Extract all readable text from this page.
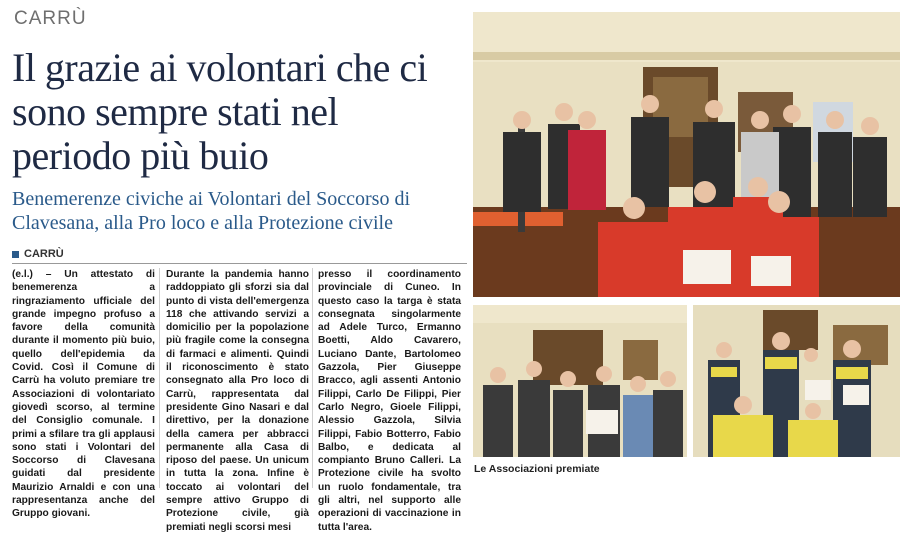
CARRÙ
Il grazie ai volontari che ci sono sempre stati nel periodo più buio
Benemerenze civiche ai Volontari del Soccorso di Clavesana, alla Pro loco e alla Protezione civile
CARRÙ

(e.l.) – Un attestato di benemerenza a ringraziamento ufficiale del grande impegno profuso a favore della comunità durante il momento più buio, quello dell'epidemia da Covid. Così il Comune di Carrù ha voluto premiare tre Associazioni di volontariato giovedì scorso, al termine del Consiglio comunale. I primi a sfilare tra gli applausi sono stati i Volontari del Soccorso di Clavesana guidati dal presidente Maurizio Arnaldi e con una rappresentanza anche del Gruppo giovani.

Durante la pandemia hanno raddoppiato gli sforzi sia dal punto di vista dell'emergenza 118 che attivando servizi a domicilio per la popolazione più fragile come la consegna di farmaci e alimenti. Quindi il riconoscimento è stato consegnato alla Pro loco di Carrù, rappresentata dal presidente Gino Nasari e dal direttivo, per la donazione della camera per abbracci permanente alla Casa di riposo del paese. Un unicum in tutta la zona. Infine è toccato ai volontari del sempre attivo Gruppo di Protezione civile, già premiati negli scorsi mesi

presso il coordinamento provinciale di Cuneo. In questo caso la targa è stata consegnata singolarmente ad Adele Turco, Ermanno Boetti, Aldo Cavarero, Luciano Dante, Bartolomeo Gazzola, Pier Giuseppe Bracco, agli assenti Antonio Filippi, Carlo De Filippi, Pier Carlo Negro, Gioele Filippi, Alessio Gazzola, Silvia Filippi, Fabio Botterro, Fabio Balbo, e dedicata al compianto Bruno Calleri. La Protezione civile ha svolto un ruolo fondamentale, tra gli altri, nel supporto alle operazioni di vaccinazione in tutta l'area.

Le Associazioni premiate
